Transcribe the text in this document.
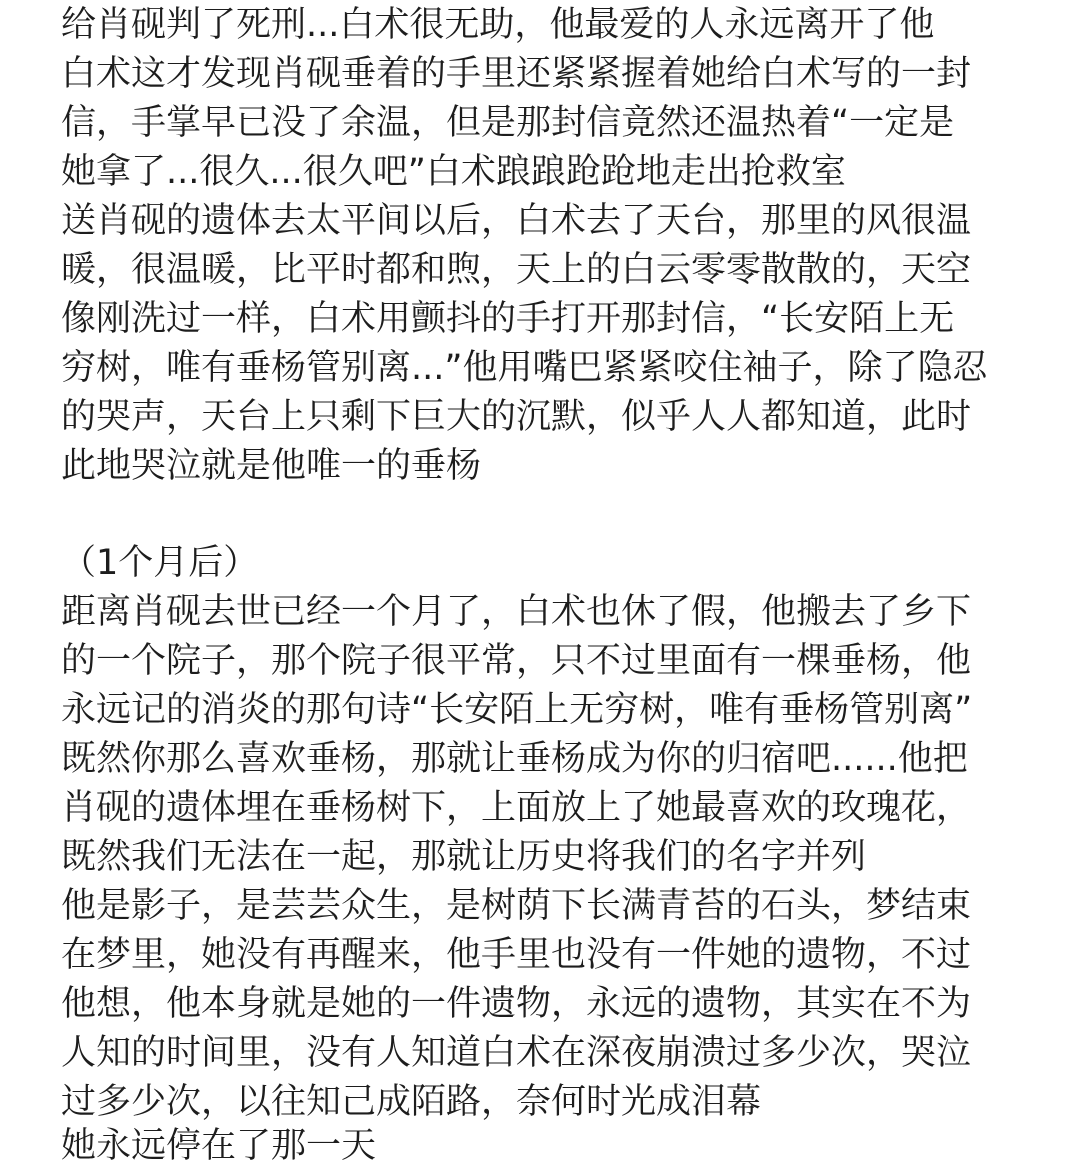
给肖砚判了死刑...白术很无助，他最爱的人永远离开了他
白术这才发现肖砚垂着的手里还紧紧握着她给白术写的一封
信，手掌早已没了余温，但是那封信竟然还温热着“一定是
她拿了...很久...很久吧”白术踉踉跄跄地走出抢救室
送肖砚的遗体去太平间以后，白术去了天台，那里的风很温
暖，很温暖，比平时都和煦，天上的白云零零散散的，天空
像刚洗过一样，白术用颤抖的手打开那封信，“长安陌上无
穷树，唯有垂杨管别离...”他用嘴巴紧紧咬住袖子，除了隐忍
的哭声，天台上只剩下巨大的沉默，似乎人人都知道，此时
此地哭泣就是他唯一的垂杨
（1个月后）
距离肖砚去世已经一个月了，白术也休了假，他搬去了乡下
的一个院子，那个院子很平常，只不过里面有一棵垂杨，他
永远记的消炎的那句诗“长安陌上无穷树，唯有垂杨管别离”
既然你那么喜欢垂杨，那就让垂杨成为你的归宿吧......他把
肖砚的遗体埋在垂杨树下，上面放上了她最喜欢的玫瑰花，
既然我们无法在一起，那就让历史将我们的名字并列
他是影子，是芸芸众生，是树荫下长满青苔的石头，梦结束
在梦里，她没有再醒来，他手里也没有一件她的遗物，不过
他想，他本身就是她的一件遗物，永远的遗物，其实在不为
人知的时间里，没有人知道白术在深夜崩溃过多少次，哭泣
过多少次，以往知己成陌路，奈何时光成泪幕
她永远停在了那一天
